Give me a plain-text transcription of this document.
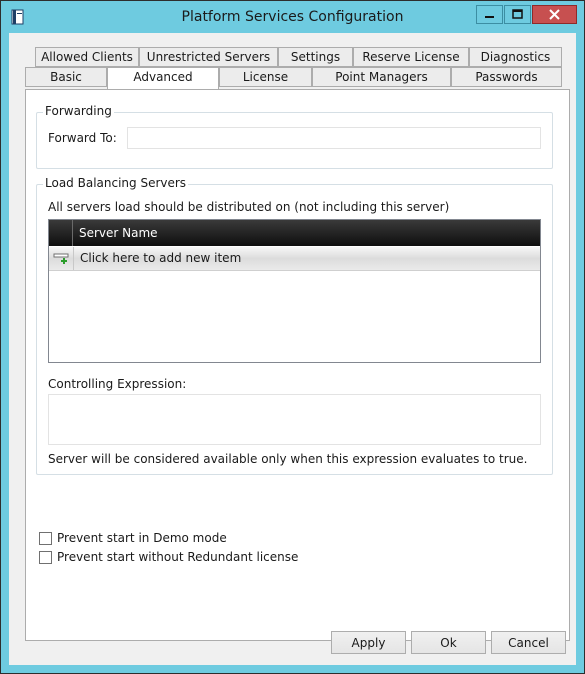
Platform Services Configuration
Allowed Clients	Unrestricted Servers	Settings	Reserve License	Diagnostics
Basic	Advanced	License	Point Managers	Passwords
Forwarding
Forward To:
Load Balancing Servers
All servers load should be distributed on (not including this server)
Server Name
Click here to add new item
Controlling Expression:
Server will be considered available only when this expression evaluates to true.
Prevent start in Demo mode
Prevent start without Redundant license
Apply	Ok	Cancel
